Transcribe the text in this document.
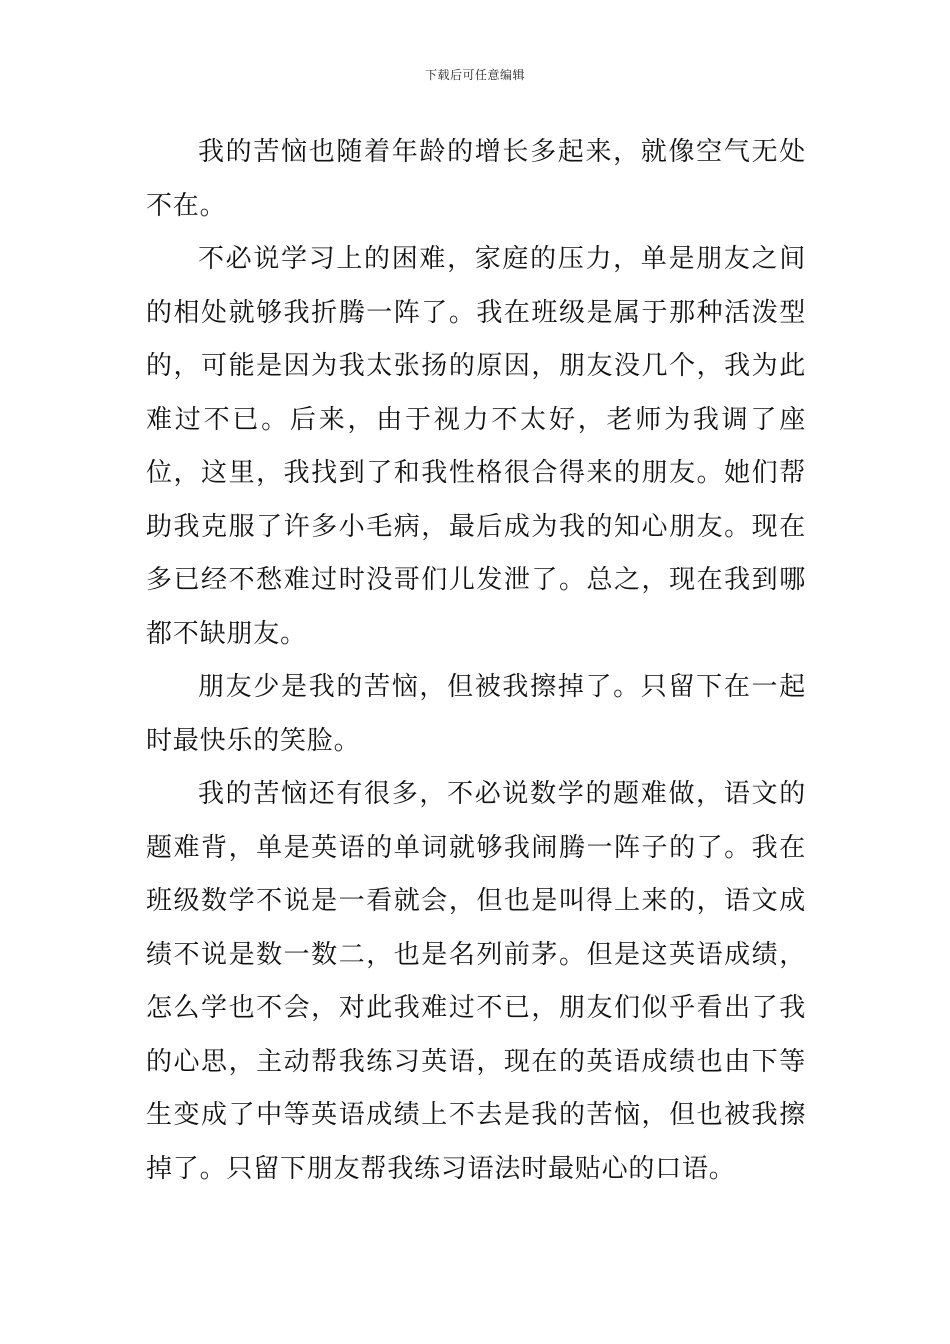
下载后可任意编辑

我的苦恼也随着年龄的增长多起来，就像空气无处不在。

不必说学习上的困难，家庭的压力，单是朋友之间的相处就够我折腾一阵了。我在班级是属于那种活泼型的，可能是因为我太张扬的原因，朋友没几个，我为此难过不已。后来，由于视力不太好，老师为我调了座位，这里，我找到了和我性格很合得来的朋友。她们帮助我克服了许多小毛病，最后成为我的知心朋友。现在多已经不愁难过时没哥们儿发泄了。总之，现在我到哪都不缺朋友。

朋友少是我的苦恼，但被我擦掉了。只留下在一起时最快乐的笑脸。

我的苦恼还有很多，不必说数学的题难做，语文的题难背，单是英语的单词就够我闹腾一阵子的了。我在班级数学不说是一看就会，但也是叫得上来的，语文成绩不说是数一数二，也是名列前茅。但是这英语成绩，怎么学也不会，对此我难过不已，朋友们似乎看出了我的心思，主动帮我练习英语，现在的英语成绩也由下等生变成了中等英语成绩上不去是我的苦恼，但也被我擦掉了。只留下朋友帮我练习语法时最贴心的口语。
